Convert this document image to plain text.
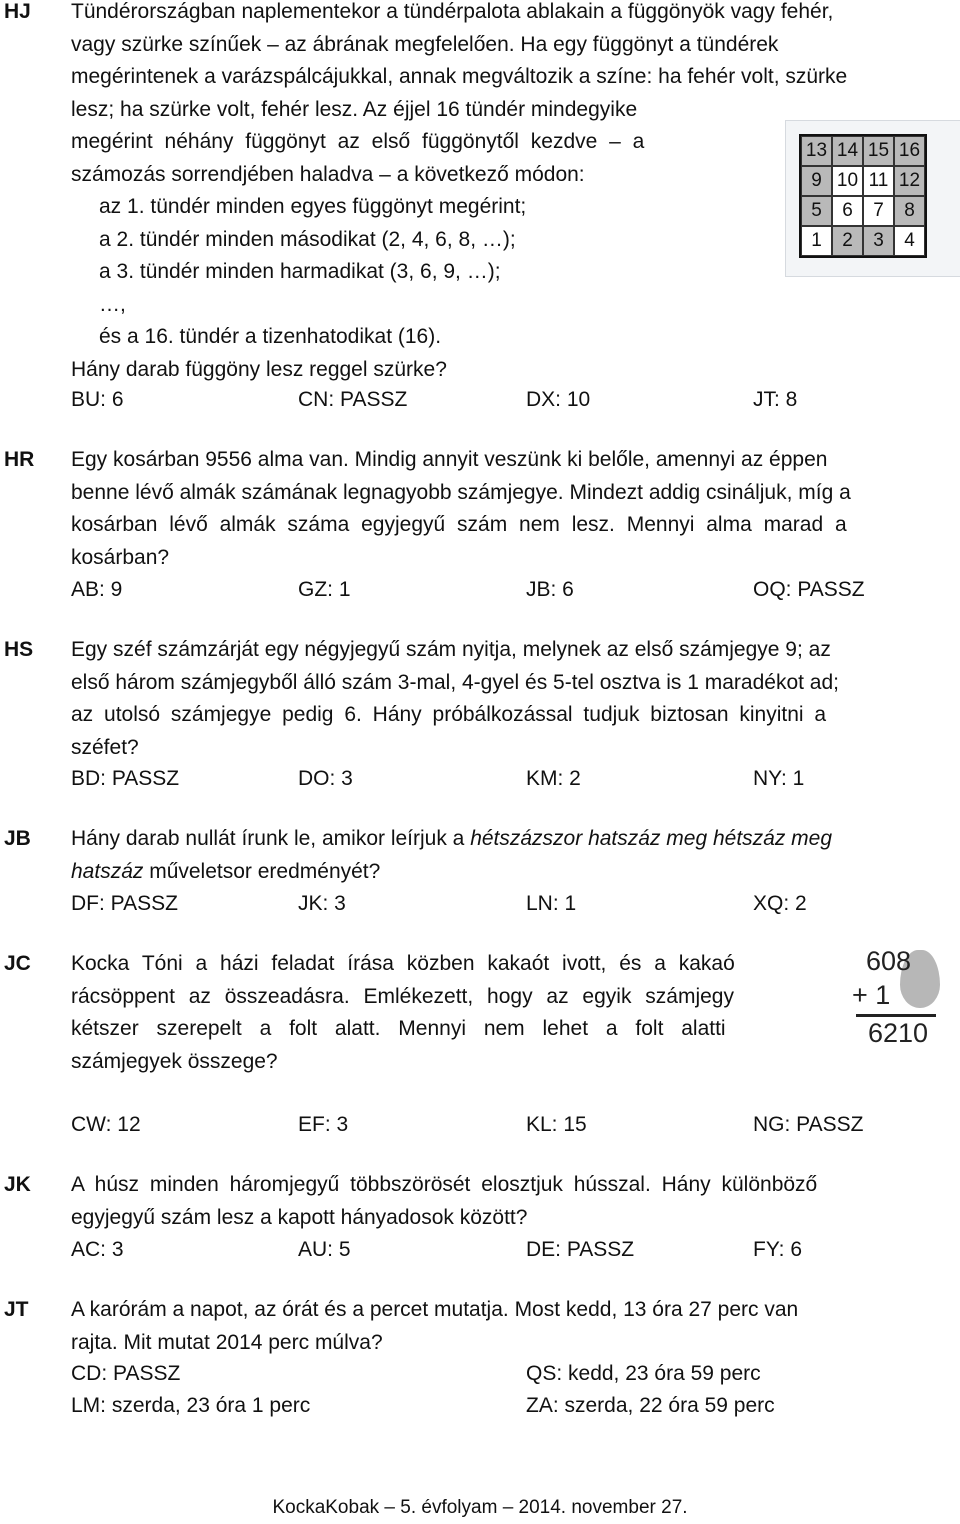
HJ	Tündérországban naplementekor a tündérpalota ablakain a függönyök vagy fehér,
vagy szürke színűek – az ábrának megfelelően. Ha egy függönyt a tündérek
megérintenek a varázspálcájukkal, annak megváltozik a színe: ha fehér volt, szürke
lesz; ha szürke volt, fehér lesz. Az éjjel 16 tündér mindegyike
megérint néhány függönyt az első függönytől kezdve – a
számozás sorrendjében haladva – a következő módon:
az 1. tündér minden egyes függönyt megérint;
a 2. tündér minden másodikat (2, 4, 6, 8, …);
a 3. tündér minden harmadikat (3, 6, 9, …);
…,
és a 16. tündér a tizenhatodikat (16).
Hány darab függöny lesz reggel szürke?
BU: 6	CN: PASSZ	DX: 10	JT: 8
13 14 15 16
9 10 11 12
5	6	7	8
1	2	3	4
HR	Egy kosárban 9556 alma van. Mindig annyit veszünk ki belőle, amennyi az éppen
benne lévő almák számának legnagyobb számjegye. Mindezt addig csináljuk, míg a
kosárban lévő almák száma egyjegyű szám nem lesz. Mennyi alma marad a
kosárban?
AB: 9	GZ: 1	JB: 6	OQ: PASSZ
HS	Egy széf számzárját egy négyjegyű szám nyitja, melynek az első számjegye 9; az
első három számjegyből álló szám 3-mal, 4-gyel és 5-tel osztva is 1 maradékot ad;
az utolsó számjegye pedig 6. Hány próbálkozással tudjuk biztosan kinyitni a
széfet?
BD: PASSZ	DO: 3	KM: 2	NY: 1
JB	Hány darab nullát írunk le, amikor leírjuk a hétszázszor hatszáz meg hétszáz meg
hatszáz műveletsor eredményét?
DF: PASSZ	JK: 3	LN: 1	XQ: 2
JC	Kocka Tóni a házi feladat írása közben kakaót ivott, és a kakaó
rácsöppent az összeadásra. Emlékezett, hogy az egyik számjegy
kétszer szerepelt a folt alatt. Mennyi nem lehet a folt alatti
számjegyek összege?
608
+ 1
6210
CW: 12	EF: 3	KL: 15	NG: PASSZ
JK	A húsz minden háromjegyű többszörösét elosztjuk hússzal. Hány különböző
egyjegyű szám lesz a kapott hányadosok között?
AC: 3	AU: 5	DE: PASSZ	FY: 6
JT	A karórám a napot, az órát és a percet mutatja. Most kedd, 13 óra 27 perc van
rajta. Mit mutat 2014 perc múlva?
CD: PASSZ	QS: kedd, 23 óra 59 perc
LM: szerda, 23 óra 1 perc	ZA: szerda, 22 óra 59 perc
KockaKobak – 5. évfolyam – 2014. november 27.
